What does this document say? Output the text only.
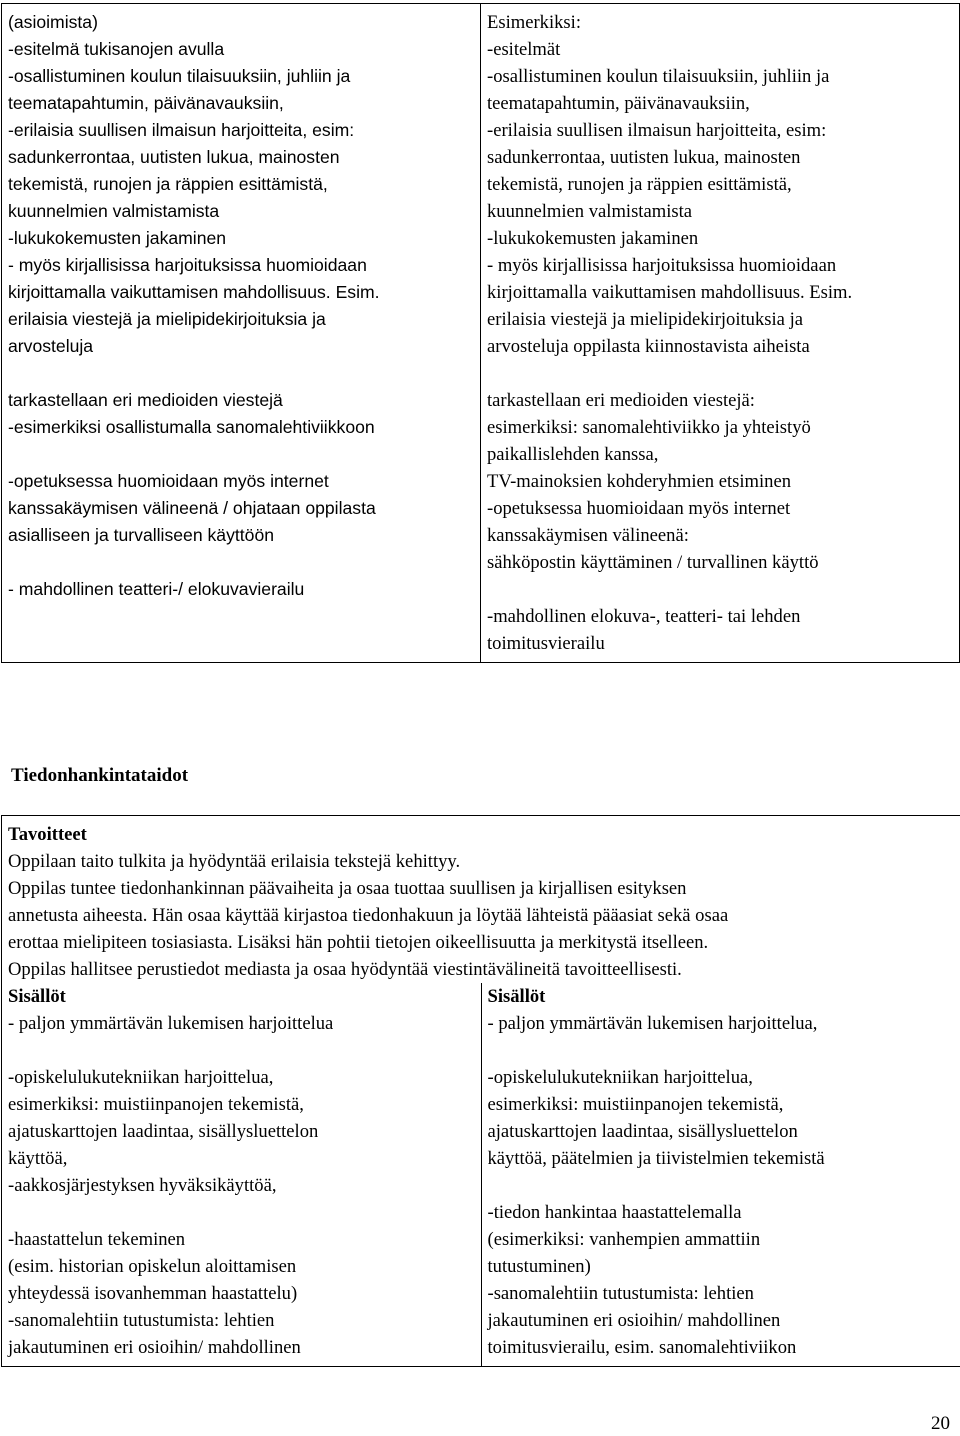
(asioimista)
-esitelmä tukisanojen avulla
-osallistuminen koulun tilaisuuksiin, juhliin ja
teematapahtumin, päivänavauksiin,
-erilaisia suullisen ilmaisun harjoitteita, esim:
sadunkerrontaa, uutisten lukua, mainosten
tekemistä, runojen ja räppien esittämistä,
kuunnelmien valmistamista
-lukukokemusten jakaminen
- myös kirjallisissa harjoituksissa huomioidaan
kirjoittamalla vaikuttamisen mahdollisuus. Esim.
erilaisia viestejä ja mielipidekirjoituksia ja
arvosteluja
tarkastellaan eri medioiden viestejä
-esimerkiksi osallistumalla sanomalehtiviikkoon
-opetuksessa huomioidaan myös internet
kanssakäymisen välineenä / ohjataan oppilasta
asialliseen ja turvalliseen käyttöön
- mahdollinen teatteri-/ elokuvavierailu

Esimerkiksi:
-esitelmät
-osallistuminen koulun tilaisuuksiin, juhliin ja
teematapahtumin, päivänavauksiin,
-erilaisia suullisen ilmaisun harjoitteita, esim:
sadunkerrontaa, uutisten lukua, mainosten
tekemistä, runojen ja räppien esittämistä,
kuunnelmien valmistamista
-lukukokemusten jakaminen
- myös kirjallisissa harjoituksissa huomioidaan
kirjoittamalla vaikuttamisen mahdollisuus. Esim.
erilaisia viestejä ja mielipidekirjoituksia ja
arvosteluja oppilasta kiinnostavista aiheista
tarkastellaan eri medioiden viestejä:
esimerkiksi: sanomalehtiviikko ja yhteistyö
paikallislehden kanssa,
TV-mainoksien kohderyhmien etsiminen
-opetuksessa huomioidaan myös internet
kanssakäymisen välineenä:
sähköpostin käyttäminen / turvallinen käyttö
-mahdollinen elokuva-, teatteri- tai lehden
toimitusvierailu
Tiedonhankintataidot
Tavoitteet
Oppilaan taito tulkita ja hyödyntää erilaisia tekstejä kehittyy.
Oppilas tuntee tiedonhankinnan päävaiheita ja osaa tuottaa suullisen ja kirjallisen esityksen
annetusta aiheesta. Hän osaa käyttää kirjastoa tiedonhakuun ja löytää lähteistä pääasiat sekä osaa
erottaa mielipiteen tosiasiasta. Lisäksi hän pohtii tietojen oikeellisuutta ja merkitystä itselleen.
Oppilas hallitsee perustiedot mediasta ja osaa hyödyntää viestintävälineitä tavoitteellisesti.

Sisällöt
- paljon ymmärtävän lukemisen harjoittelua
-opiskelulukutekniikan harjoittelua,
esimerkiksi: muistiinpanojen tekemistä,
ajatuskarttojen laadintaa, sisällysluettelon
käyttöä,
-aakkosjärjestyksen hyväksikäyttöä,
-haastattelun tekeminen
(esim. historian opiskelun aloittamisen
yhteydessä isovanhemman haastattelu)
-sanomalehtiin tutustumista: lehtien
jakautuminen eri osioihin/ mahdollinen

Sisällöt
- paljon ymmärtävän lukemisen harjoittelua,
-opiskelulukutekniikan harjoittelua,
esimerkiksi: muistiinpanojen tekemistä,
ajatuskarttojen laadintaa, sisällysluettelon
käyttöä, päätelmien ja tiivistelmien tekemistä
-tiedon hankintaa haastattelemalla
(esimerkiksi: vanhempien ammattiin
tutustuminen)
-sanomalehtiin tutustumista: lehtien
jakautuminen eri osioihin/ mahdollinen
toimitusvierailu, esim. sanomalehtiviikon
20
